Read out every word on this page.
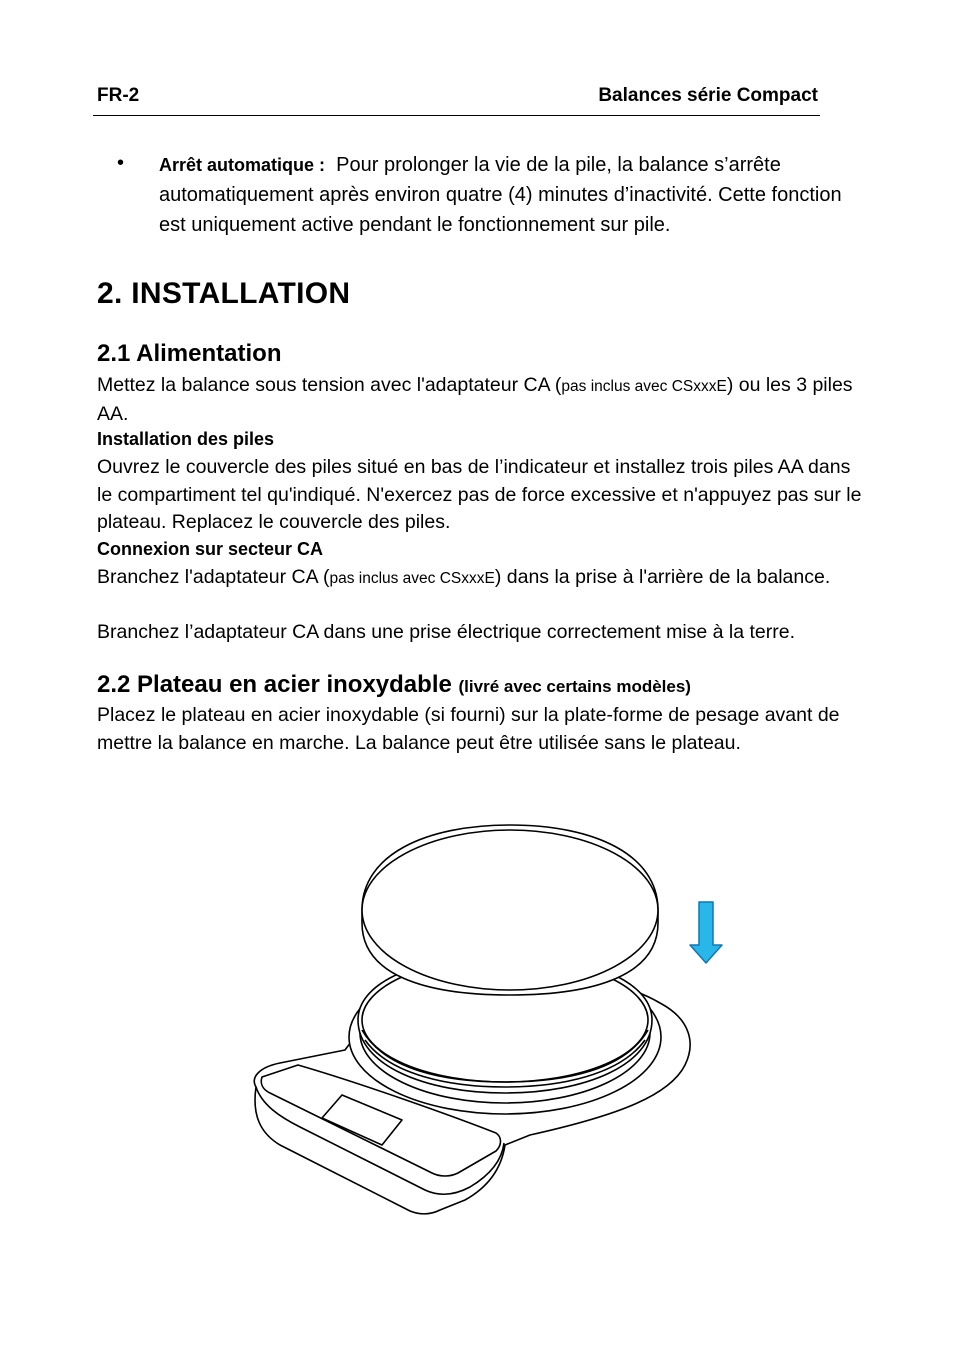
FR-2	Balances série Compact
• Arrêt automatique : Pour prolonger la vie de la pile, la balance s’arrête automatiquement après environ quatre (4) minutes d’inactivité. Cette fonction est uniquement active pendant le fonctionnement sur pile.
2. INSTALLATION
2.1 Alimentation
Mettez la balance sous tension avec l'adaptateur CA (pas inclus avec CSxxxE) ou les 3 piles AA.
Installation des piles
Ouvrez le couvercle des piles situé en bas de l’indicateur et installez trois piles AA dans le compartiment tel qu'indiqué. N'exercez pas de force excessive et n'appuyez pas sur le plateau. Replacez le couvercle des piles.
Connexion sur secteur CA
Branchez l'adaptateur CA (pas inclus avec CSxxxE) dans la prise à l'arrière de la balance.
Branchez l’adaptateur CA dans une prise électrique correctement mise à la terre.
2.2 Plateau en acier inoxydable (livré avec certains modèles)
Placez le plateau en acier inoxydable (si fourni) sur la plate-forme de pesage avant de mettre la balance en marche. La balance peut être utilisée sans le plateau.
